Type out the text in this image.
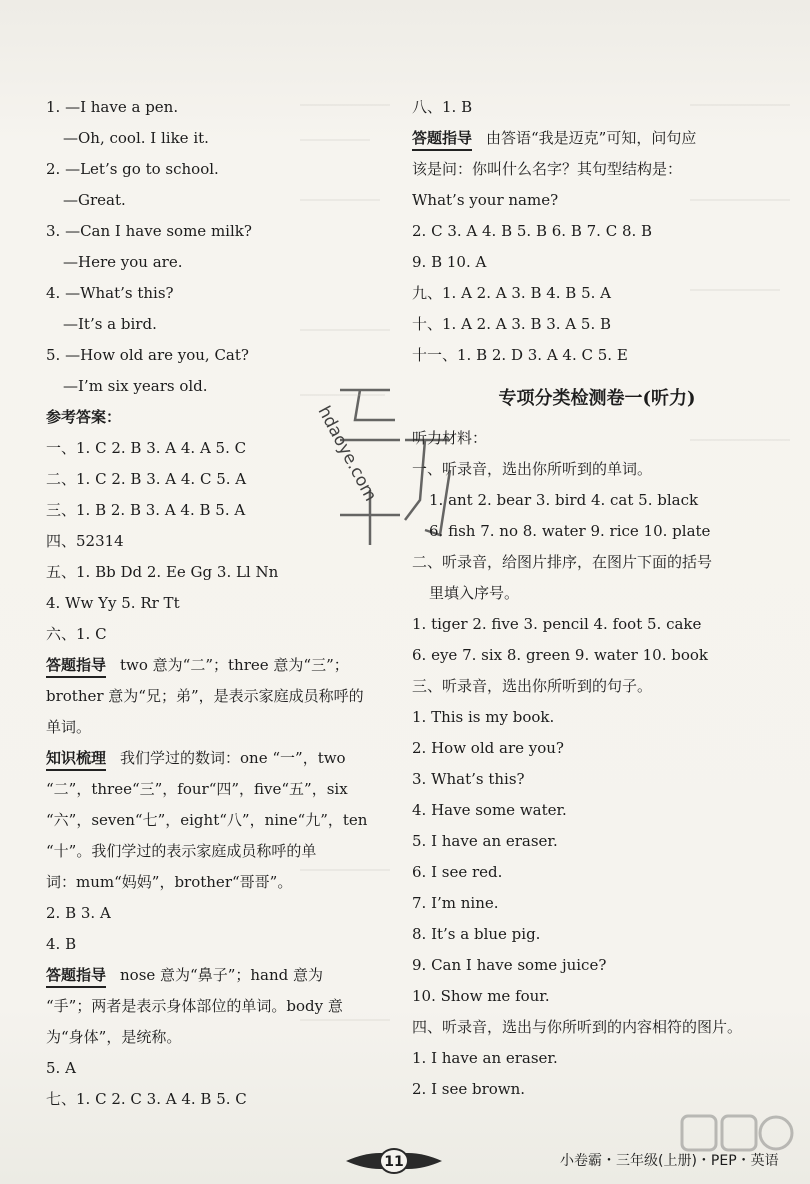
1. —I have a pen.
—Oh, cool. I like it.
2. —Let’s go to school.
—Great.
3. —Can I have some milk?
—Here you are.
4. —What’s this?
—It’s a bird.
5. —How old are you, Cat?
—I’m six years old.
参考答案：
一、1. C 2. B 3. A 4. A 5. C
二、1. C 2. B 3. A 4. C 5. A
三、1. B 2. B 3. A 4. B 5. A
四、52314
五、1. Bb Dd 2. Ee Gg 3. Ll Nn
4. Ww Yy 5. Rr Tt
六、1. C
答题指导 two 意为“二”；three 意为“三”；
brother 意为“兄；弟”，是表示家庭成员称呼的
单词。
知识梳理 我们学过的数词：one “一”，two
“二”，three“三”，four“四”，five“五”，six
“六”，seven“七”，eight“八”，nine“九”，ten
“十”。我们学过的表示家庭成员称呼的单
词：mum“妈妈”，brother“哥哥”。
2. B 3. A
4. B
答题指导 nose 意为“鼻子”；hand 意为
“手”；两者是表示身体部位的单词。body 意
为“身体”，是统称。
5. A
七、1. C 2. C 3. A 4. B 5. C
八、1. B
答题指导 由答语“我是迈克”可知，问句应
该是问：你叫什么名字？其句型结构是：
What’s your name?
2. C 3. A 4. B 5. B 6. B 7. C 8. B
9. B 10. A
九、1. A 2. A 3. B 4. B 5. A
十、1. A 2. A 3. B 3. A 5. B
十一、1. B 2. D 3. A 4. C 5. E
专项分类检测卷一(听力)
听力材料：
一、听录音，选出你所听到的单词。
1. ant 2. bear 3. bird 4. cat 5. black
6. fish 7. no 8. water 9. rice 10. plate
二、听录音，给图片排序，在图片下面的括号
里填入序号。
1. tiger 2. five 3. pencil 4. foot 5. cake
6. eye 7. six 8. green 9. water 10. book
三、听录音，选出你所听到的句子。
1. This is my book.
2. How old are you?
3. What’s this?
4. Have some water.
5. I have an eraser.
6. I see red.
7. I’m nine.
8. It’s a blue pig.
9. Can I have some juice?
10. Show me four.
四、听录音，选出与你所听到的内容相符的图片。
1. I have an eraser.
2. I see brown.
hdaoye.com
11	小卷霸・三年级(上册)・PEP・英语
